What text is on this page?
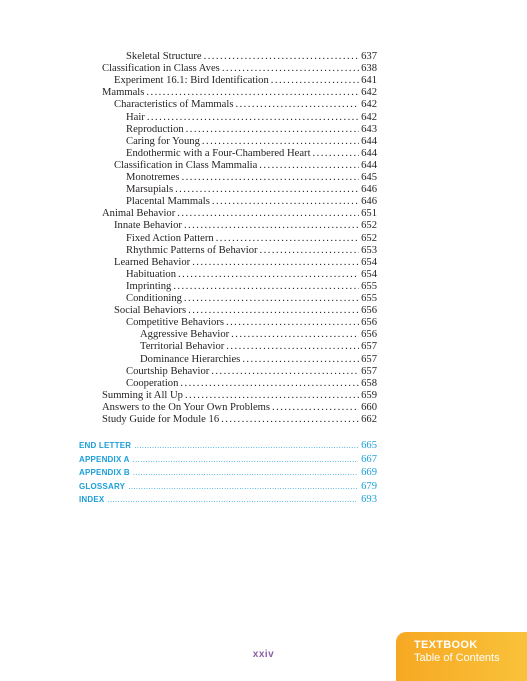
Skeletal Structure . . .	637
Classification in Class Aves . . .	638
Experiment 16.1: Bird Identification . . .	641
Mammals . . .	642
Characteristics of Mammals . . .	642
Hair . . .	642
Reproduction . . .	643
Caring for Young . . .	644
Endothermic with a Four-Chambered Heart . . .	644
Classification in Class Mammalia . . .	644
Monotremes . . .	645
Marsupials . . .	646
Placental Mammals . . .	646
Animal Behavior . . .	651
Innate Behavior . . .	652
Fixed Action Pattern . . .	652
Rhythmic Patterns of Behavior . . .	653
Learned Behavior . . .	654
Habituation . . .	654
Imprinting . . .	655
Conditioning . . .	655
Social Behaviors . . .	656
Competitive Behaviors . . .	656
Aggressive Behavior . . .	656
Territorial Behavior . . .	657
Dominance Hierarchies . . .	657
Courtship Behavior . . .	657
Cooperation . . .	658
Summing it All Up . . .	659
Answers to the On Your Own Problems . . .	660
Study Guide for Module 16 . . .	662
END LETTER .....	665
APPENDIX A .....	667
APPENDIX B .....	669
GLOSSARY .....	679
INDEX .....	693
xxiv
TEXTBOOK
Table of Contents
